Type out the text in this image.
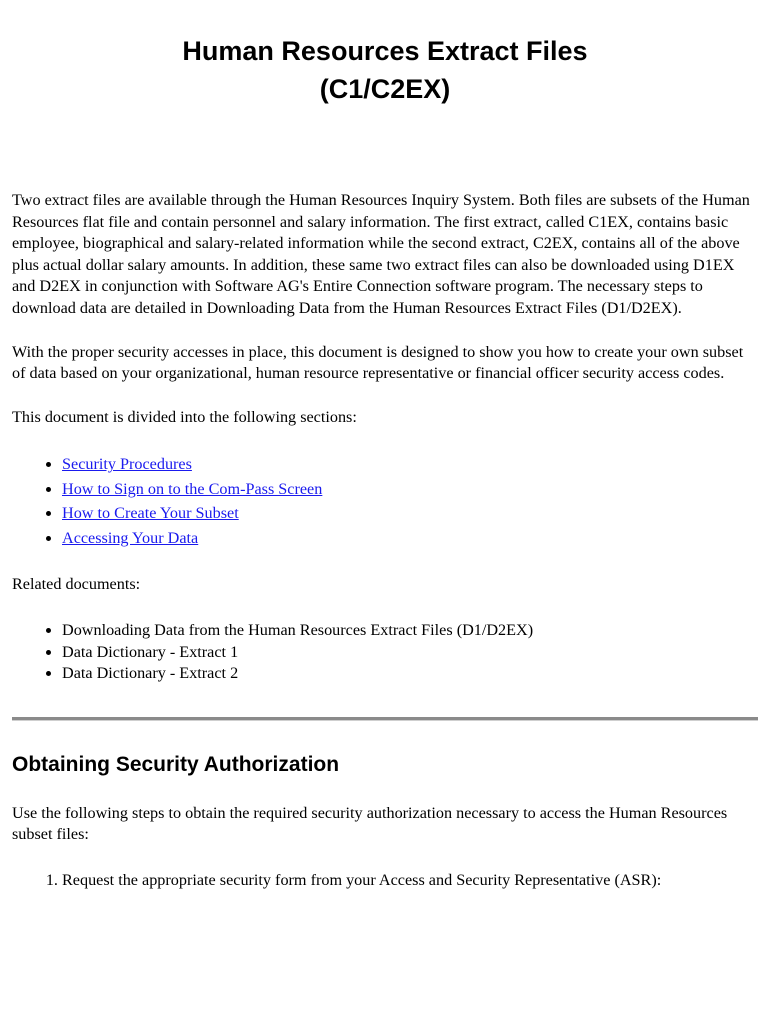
Human Resources Extract Files
(C1/C2EX)

Two extract files are available through the Human Resources Inquiry System. Both files are subsets of the Human Resources flat file and contain personnel and salary information. The first extract, called C1EX, contains basic employee, biographical and salary-related information while the second extract, C2EX, contains all of the above plus actual dollar salary amounts. In addition, these same two extract files can also be downloaded using D1EX and D2EX in conjunction with Software AG's Entire Connection software program. The necessary steps to download data are detailed in Downloading Data from the Human Resources Extract Files (D1/D2EX).

With the proper security accesses in place, this document is designed to show you how to create your own subset of data based on your organizational, human resource representative or financial officer security access codes.

This document is divided into the following sections:

• Security Procedures
• How to Sign on to the Com-Pass Screen
• How to Create Your Subset
• Accessing Your Data

Related documents:

• Downloading Data from the Human Resources Extract Files (D1/D2EX)
• Data Dictionary - Extract 1
• Data Dictionary - Extract 2
Obtaining Security Authorization

Use the following steps to obtain the required security authorization necessary to access the Human Resources subset files:

1. Request the appropriate security form from your Access and Security Representative (ASR):
